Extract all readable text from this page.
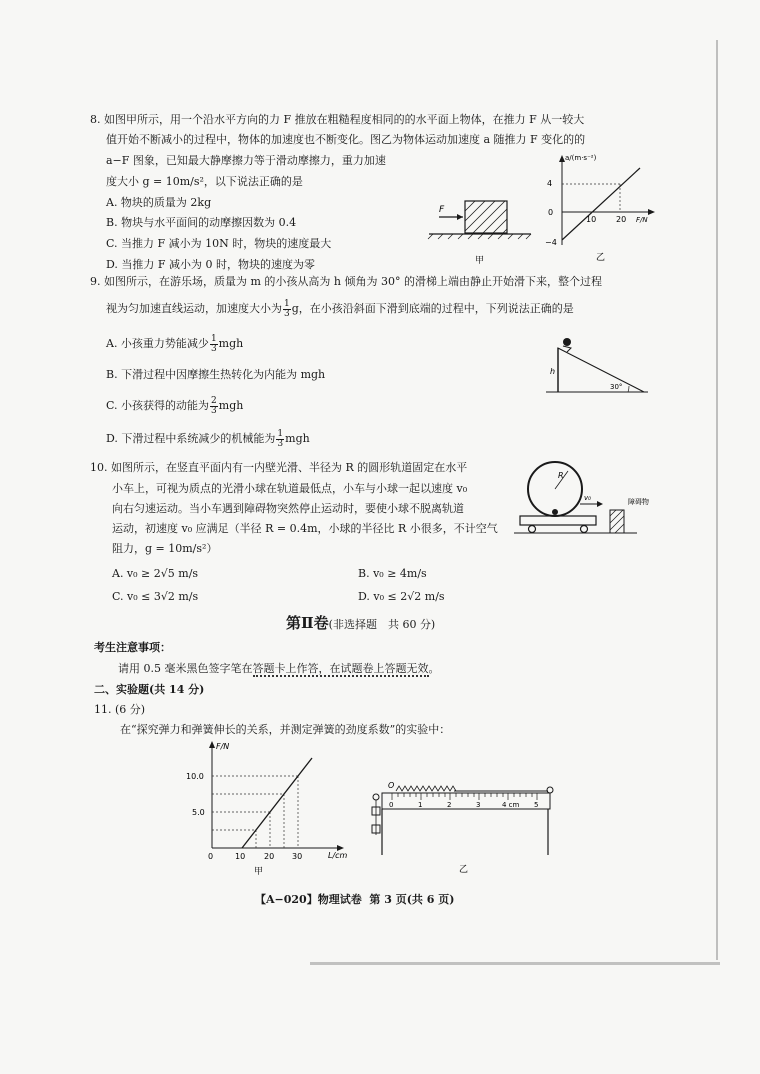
8. 如图甲所示，用一个沿水平方向的力 F 推放在粗糙程度相同的的水平面上物体，在推力 F 从一较大
值开始不断减小的过程中，物体的加速度也不断变化。图乙为物体运动加速度 a 随推力 F 变化的的
a−F 图象，已知最大静摩擦力等于滑动摩擦力，重力加速
度大小 g = 10m/s²，以下说法正确的是
A. 物块的质量为 2kg
B. 物块与水平面间的动摩擦因数为 0.4
C. 当推力 F 减小为 10N 时，物块的速度最大
D. 当推力 F 减小为 0 时，物块的速度为零
F
甲
a/(m·s⁻²)
F/N
4
0
−4
10 20
乙
9. 如图所示，在游乐场，质量为 m 的小孩从高为 h 倾角为 30° 的滑梯上端由静止开始滑下来，整个过程
视为匀加速直线运动，加速度大小为 $\frac{1}{3}$ g，在小孩沿斜面下滑到底端的过程中，下列说法正确的是
A. 小孩重力势能减少 $\frac{1}{3}$ mgh
B. 下滑过程中因摩擦生热转化为内能为 mgh
C. 小孩获得的动能为 $\frac{2}{3}$ mgh
D. 下滑过程中系统减少的机械能为 $\frac{1}{3}$ mgh
h
30°
10. 如图所示，在竖直平面内有一内壁光滑、半径为 R 的圆形轨道固定在水平
小车上，可视为质点的光滑小球在轨道最低点，小车与小球一起以速度 v₀
向右匀速运动。当小车遇到障碍物突然停止运动时，要使小球不脱离轨道
运动，初速度 v₀ 应满足（半径 R = 0.4m，小球的半径比 R 小很多，不计空气
阻力，g = 10m/s²）
A. v₀ ≥ 2√5 m/s	B. v₀ ≥ 4m/s
C. v₀ ≤ 3√2 m/s	D. v₀ ≤ 2√2 m/s
R
v₀	障碍物
第Ⅱ卷(非选择题　共 60 分)
考生注意事项：
请用 0.5 毫米黑色签字笔在答题卡上作答，在试题卷上答题无效。
二、实验题(共 14 分)
11. (6 分)
在“探究弹力和弹簧伸长的关系，并测定弹簧的劲度系数”的实验中：
F/N
L/cm
10.0
5.0
0	10 20 30
甲
O
0	1	2	3	4 cm 5
乙
【A−020】物理试卷 第 3 页(共 6 页)
